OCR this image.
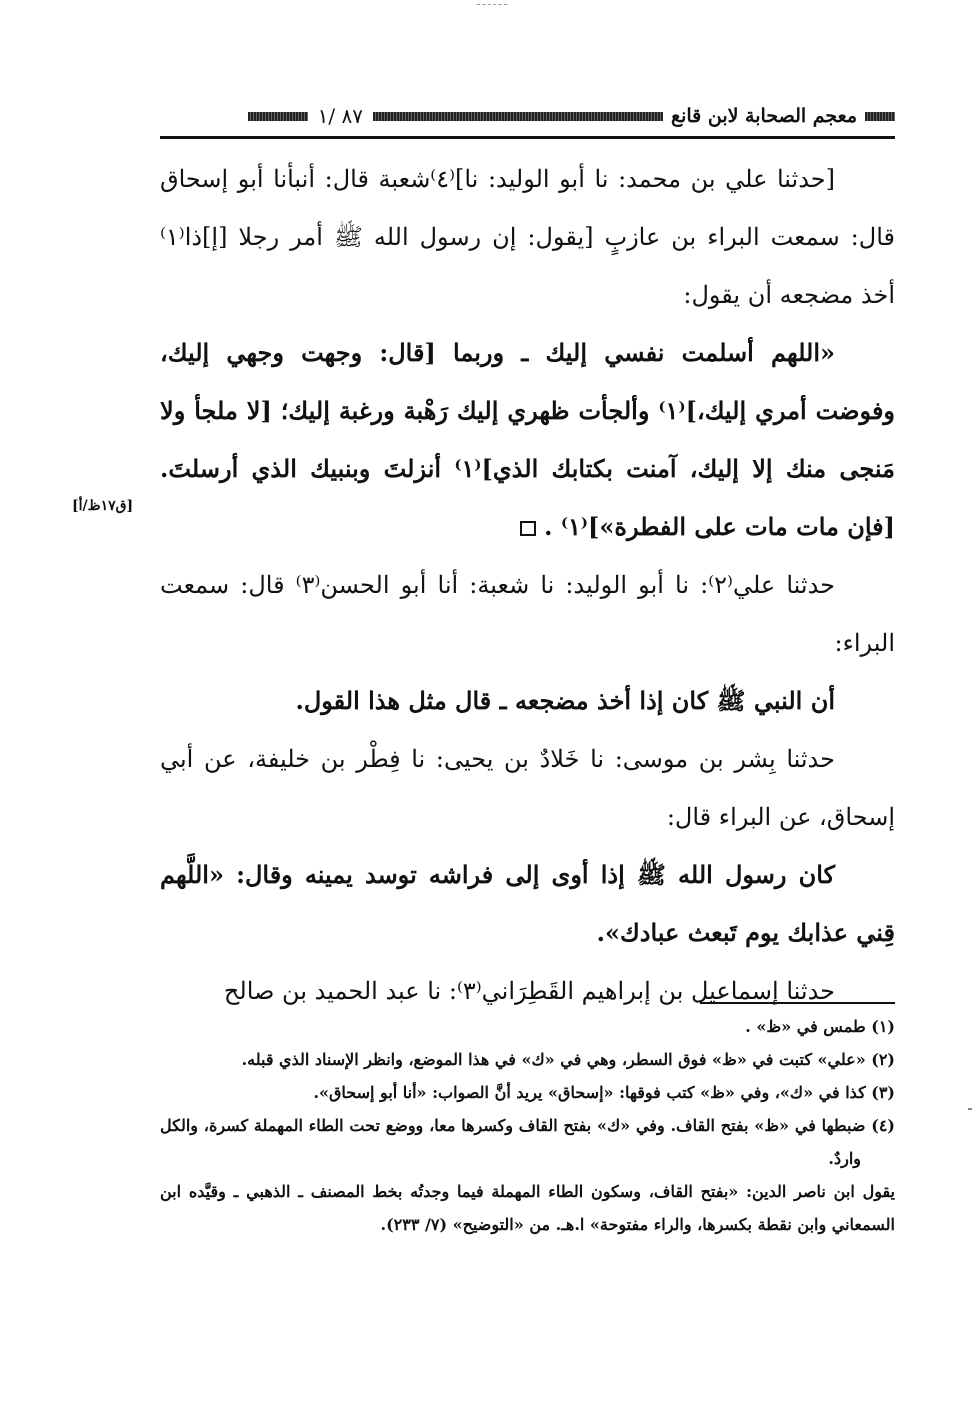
معجم الصحابة لابن قانع
٨٧ /١

[حدثنا علي بن محمد: نا أبو الوليد: نا]⁽٤⁾شعبة قال: أنبأنا أبو إسحاق قال: سمعت البراء بن عازبٍ [يقول: إن رسول الله ﷺ أمر رجلا [إ]ذا⁽١⁾ أخذ مضجعه أن يقول:

«اللهم أسلمت نفسي إليك ـ وربما [قال: وجهت وجهي إليك، وفوضت أمري إليك،]⁽١⁾ وألجأت ظهري إليك رَهْبة ورغبة إليك؛ [لا ملجأ ولا مَنجى منك إلا إليك، آمنت بكتابك الذي]⁽١⁾ أنزلتَ وبنبيك الذي أرسلتَ. [فإن مات مات على الفطرة»]⁽١⁾ .

حدثنا علي⁽٢⁾: نا أبو الوليد: نا شعبة: أنا أبو الحسن⁽٣⁾ قال: سمعت البراء:

أن النبي ﷺ كان إذا أخذ مضجعه ـ قال مثل هذا القول.

حدثنا بِشر بن موسى: نا خَلادٌ بن يحيى: نا فِطْر بن خليفة، عن أبي إسحاق، عن البراء قال:

كان رسول الله ﷺ إذا أوى إلى فراشه توسد يمينه وقال: «اللَّهم قِني عذابك يوم تَبعث عبادك».

حدثنا إسماعيل بن إبراهيم القَطِرَاني⁽٣⁾: نا عبد الحميد بن صالح

[ق١٧ظ/أ]

(١) طمس في «ظ» .

(٢) «علي» كتبت في «ظ» فوق السطر، وهي في «ك» في هذا الموضع، وانظر الإسناد الذي قبله.

(٣) كذا في «ك»، وفي «ظ» كتب فوقها: «إسحاق» يريد أنَّ الصواب: «أنا أبو إسحاق».

(٤) ضبطها في «ظ» بفتح القاف. وفي «ك» بفتح القاف وكسرها معا، ووضع تحت الطاء المهملة كسرة، والكل واردٌ.

يقول ابن ناصر الدين: «بفتح القاف، وسكون الطاء المهملة فيما وجدتُه بخط المصنف ـ الذهبي ـ وقيَّده ابن السمعاني وابن نقطة بكسرها، والراء مفتوحة» ا.هـ. من «التوضيح» (٧/ ٢٣٣).
